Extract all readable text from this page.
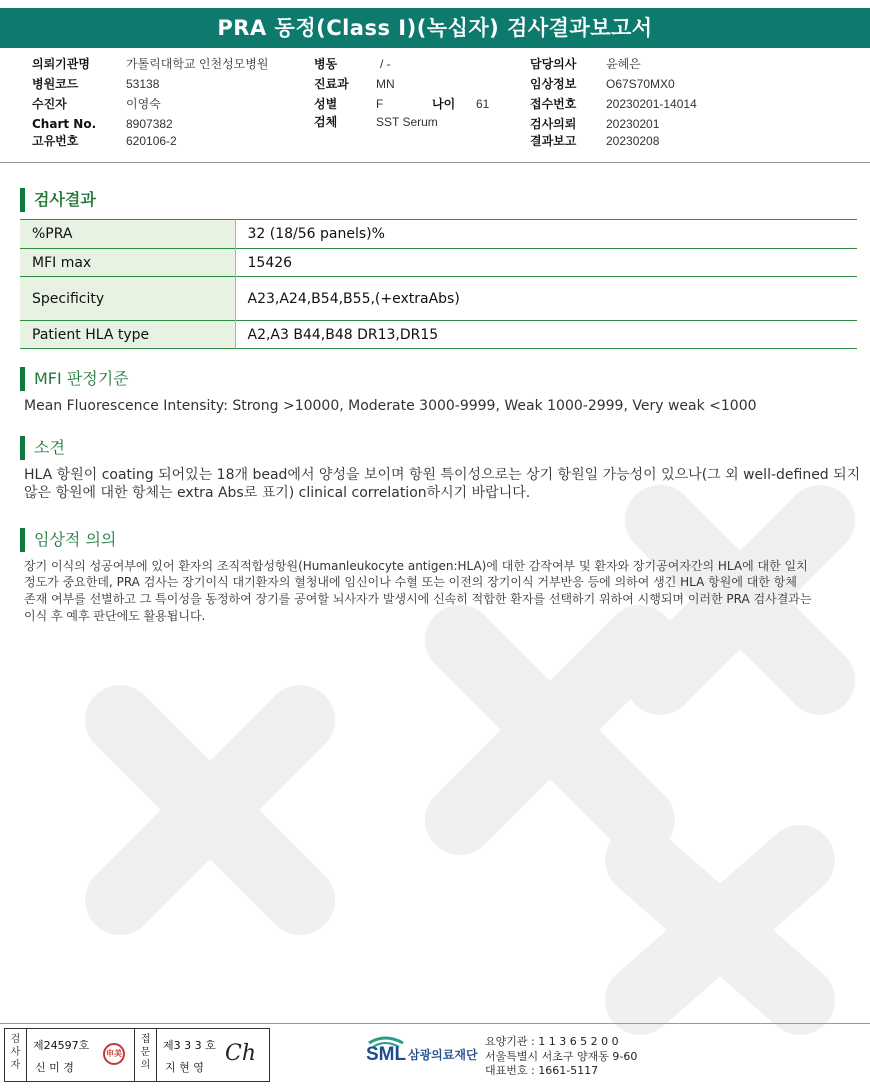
PRA 동정(Class I)(녹십자) 검사결과보고서
의뢰기관명	가톨릭대학교 인천성모병원
병원코드	53138
수진자	이영숙
Chart No. 8907382
고유번호	620106-2
병동	/ -
진료과 MN
성별	F	나이 61
검체	SST Serum
담당의사 윤혜은
임상정보 O67S70MX0
접수번호 20230201-14014
검사의뢰 20230201
결과보고 20230208
검사결과
%PRA	32 (18/56 panels)%
MFI max	15426
Specificity	A23,A24,B54,B55,(+extraAbs)
Patient HLA type	A2,A3 B44,B48 DR13,DR15
MFI 판정기준
Mean Fluorescence Intensity: Strong >10000, Moderate 3000-9999, Weak 1000-2999, Very weak <1000
소견
HLA 항원이 coating 되어있는 18개 bead에서 양성을 보이며 항원 특이성으로는 상기 항원일 가능성이 있으나(그 외 well-defined 되지
않은 항원에 대한 항체는 extra Abs로 표기) clinical correlation하시기 바랍니다.
임상적 의의
장기 이식의 성공여부에 있어 환자의 조직적합성항원(Humanleukocyte antigen:HLA)에 대한 감작여부 및 환자와 장기공여자간의 HLA에 대한 일치
정도가 중요한데, PRA 검사는 장기이식 대기환자의 혈청내에 임신이나 수혈 또는 이전의 장기이식 거부반응 등에 의하여 생긴 HLA 항원에 대한 항체
존재 여부를 선별하고 그 특이성을 동정하여 장기를 공여할 뇌사자가 발생시에 신속히 적합한 환자를 선택하기 위하여 시행되며 이러한 PRA 검사결과는
이식 후 예후 판단에도 활용됩니다.
검사자
제24597호
신 미 경
申美
접문의
제3 3 3 호
지 현 영
Ch	SML 삼광의료재단
요양기관 : 1 1 3 6 5 2 0 0
서울특별시 서초구 양재동 9-60
대표번호 : 1661-5117
